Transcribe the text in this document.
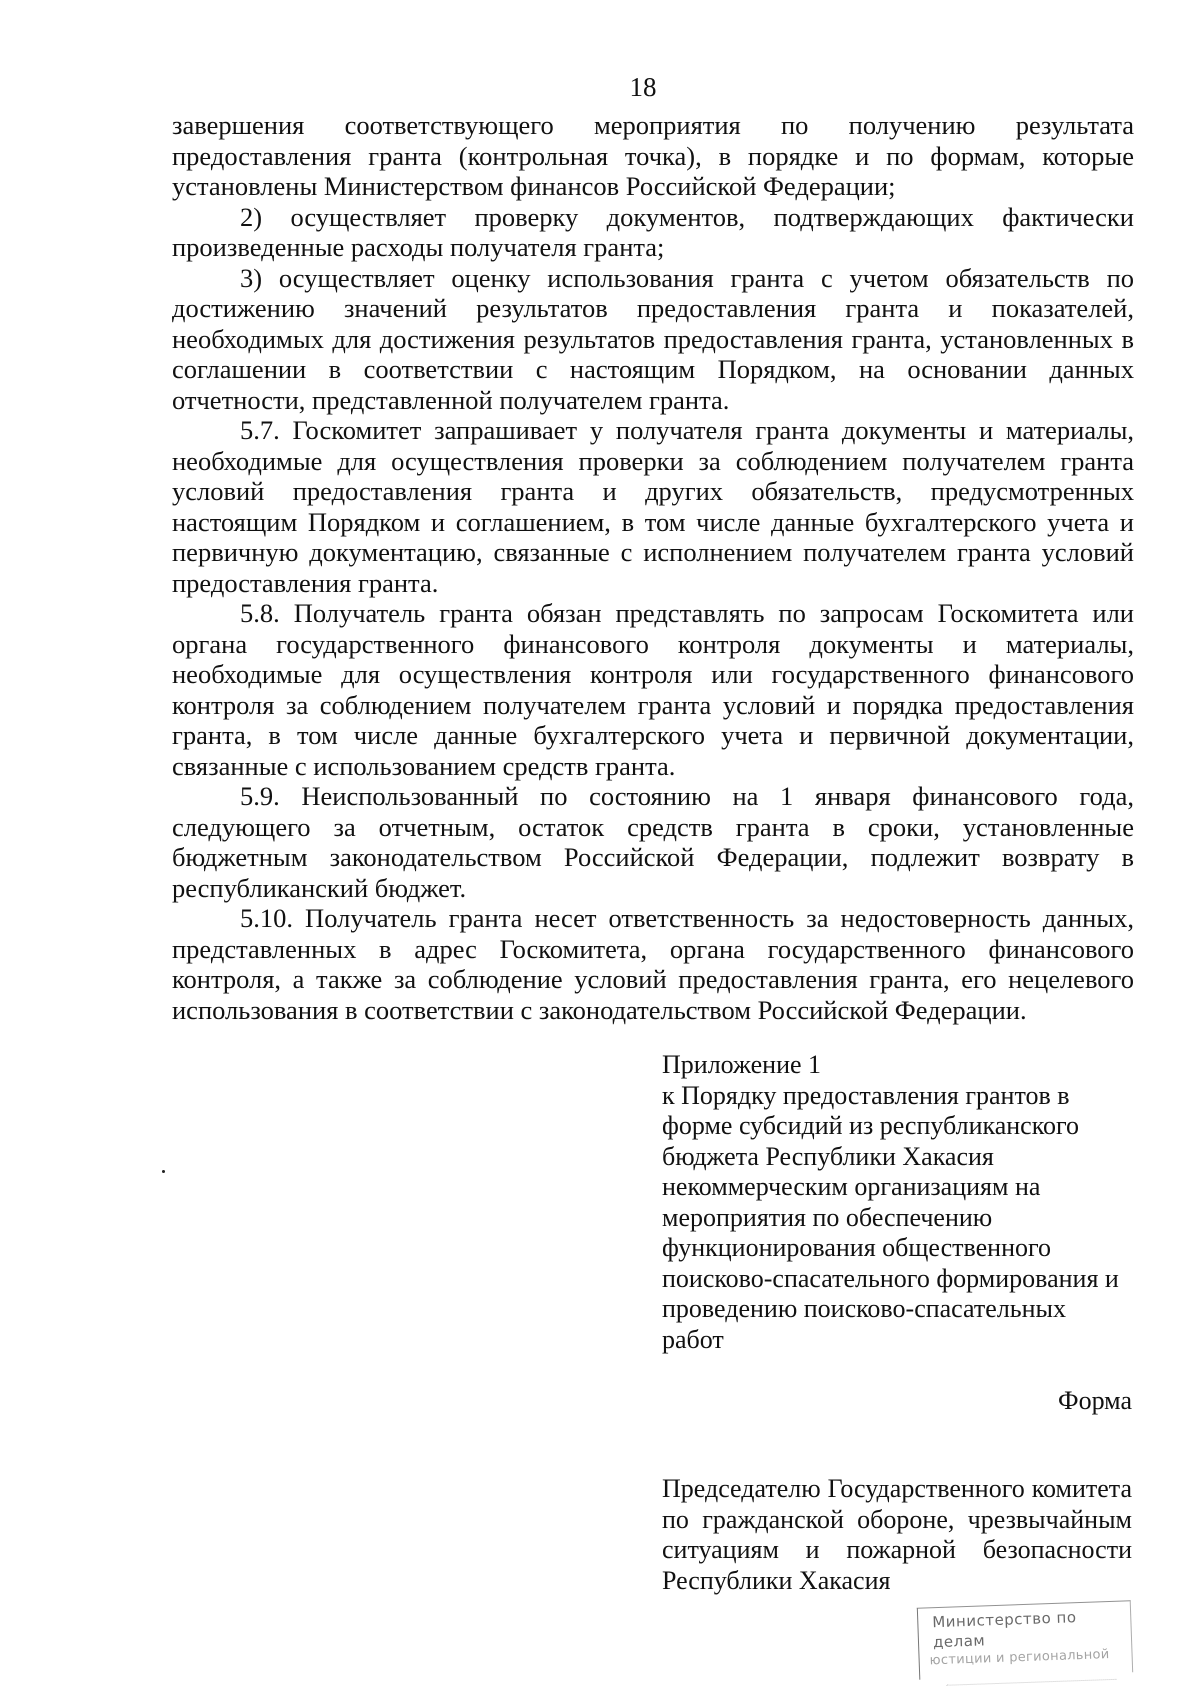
18

завершения соответствующего мероприятия по получению результата предоставления гранта (контрольная точка), в порядке и по формам, которые установлены Министерством финансов Российской Федерации;

2) осуществляет проверку документов, подтверждающих фактически произведенные расходы получателя гранта;

3) осуществляет оценку использования гранта с учетом обязательств по достижению значений результатов предоставления гранта и показателей, необходимых для достижения результатов предоставления гранта, установленных в соглашении в соответствии с настоящим Порядком, на основании данных отчетности, представленной получателем гранта.

5.7. Госкомитет запрашивает у получателя гранта документы и материалы, необходимые для осуществления проверки за соблюдением получателем гранта условий предоставления гранта и других обязательств, предусмотренных настоящим Порядком и соглашением, в том числе данные бухгалтерского учета и первичную документацию, связанные с исполнением получателем гранта условий предоставления гранта.

5.8. Получатель гранта обязан представлять по запросам Госкомитета или органа государственного финансового контроля документы и материалы, необходимые для осуществления контроля или государственного финансового контроля за соблюдением получателем гранта условий и порядка предоставления гранта, в том числе данные бухгалтерского учета и первичной документации, связанные с использованием средств гранта.

5.9. Неиспользованный по состоянию на 1 января финансового года, следующего за отчетным, остаток средств гранта в сроки, установленные бюджетным законодательством Российской Федерации, подлежит возврату в республиканский бюджет.

5.10. Получатель гранта несет ответственность за недостоверность данных, представленных в адрес Госкомитета, органа государственного финансового контроля, а также за соблюдение условий предоставления гранта, его нецелевого использования в соответствии с законодательством Российской Федерации.

Приложение 1
к Порядку предоставления грантов в форме субсидий из республиканского бюджета Республики Хакасия некоммерческим организациям на мероприятия по обеспечению функционирования общественного поисково-спасательного формирования и проведению поисково-спасательных работ
Форма
Председателю Государственного комитета по гражданской обороне, чрезвычайным ситуациям и пожарной безопасности Республики Хакасия
Министерство по делам
юстиции и региональной
